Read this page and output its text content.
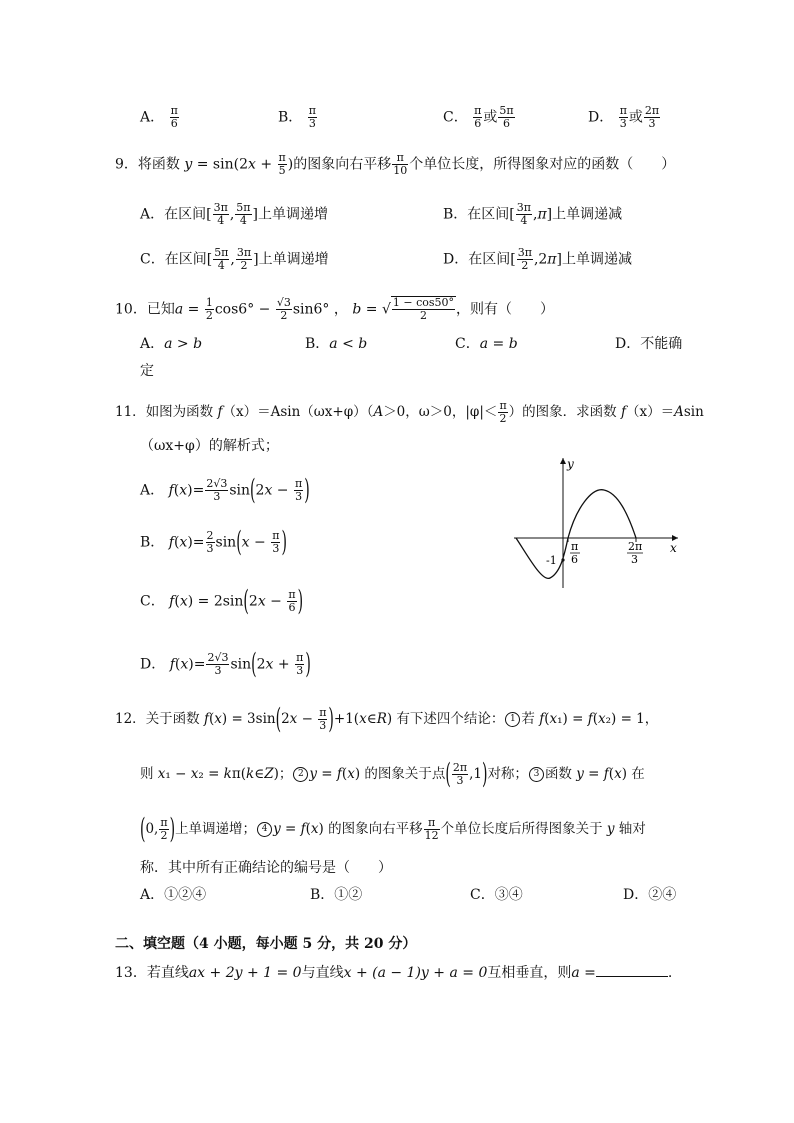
A． $\frac{\pi}{6}$	B． $\frac{\pi}{3}$	C． $\frac{\pi}{6}$ 或 $\frac{5\pi}{6}$	D． $\frac{\pi}{3}$ 或 $\frac{2\pi}{3}$
9．将函数 $y = \sin(2x + \frac{\pi}{5}$ )的图象向右平移 $\frac{\pi}{10}$ 个单位长度，所得图象对应的函数（　　）
A．在区间[ $\frac{3\pi}{4}$ , $\frac{5\pi}{4}$ ]上单调递增	B．在区间[ $\frac{3\pi}{4} ,\pi$]上单调递减
C．在区间[ $\frac{5\pi}{4}$ , $\frac{3\pi}{2}$ ]上单调递增	D．在区间[ $\frac{3\pi}{2} ,2\pi$]上单调递减
10．已知$a = \frac{1}{2} \cos 6^\circ - \frac{√3}{2} \sin 6^\circ$ ， b = √ $\frac{1 - \cos 50^\circ}{2}$ ，则有（　　）
A．a > b	B．a < b	C．a = b	D．不能确
定
11．如图为函数 f（x）＝Asin（ωx+φ）（A＞0，ω＞0，$|\varphi|< \frac{\pi}{2}$ ）的图象．求函数 f（x）＝Asin
（ωx+φ）的解析式；
A． $f(x)= \frac{2√3}{3} \sin(2x - \frac{\pi}{3}$ )
B． $f(x)= \frac{2}{3} \sin(x - \frac{\pi}{3}$ )
C． $f(x) = 2\sin(2x - \frac{\pi}{6}$ )
D． $f(x)= \frac{2√3}{3} \sin(2x + \frac{\pi}{3}$ )
y
x
-1
π
6
2π
3
12．关于函数 $f(x) = 3\sin(2x - \frac{\pi}{3}$ )+1(x∈R) 有下述四个结论： 1 若 f(x₁) = f(x₂) = 1，
则 x₁ − x₂ = kπ(k∈Z)； 2 y = f(x) 的图象关于点( $\frac{2\pi}{3} ,1$)对称； 3 函数 y = f(x) 在
(0, $\frac{\pi}{2}$ )上单调递增； 4 y = f(x) 的图象向右平移 $\frac{\pi}{12}$ 个单位长度后所得图象关于 y 轴对
称．其中所有正确结论的编号是（　　）
A．①②④	B．①②	C．③④	D．②④
二、填空题（4 小题，每小题 5 分，共 20 分）
13．若直线ax + 2y + 1 = 0与直线x + (a − 1)y + a = 0互相垂直，则a =	.
